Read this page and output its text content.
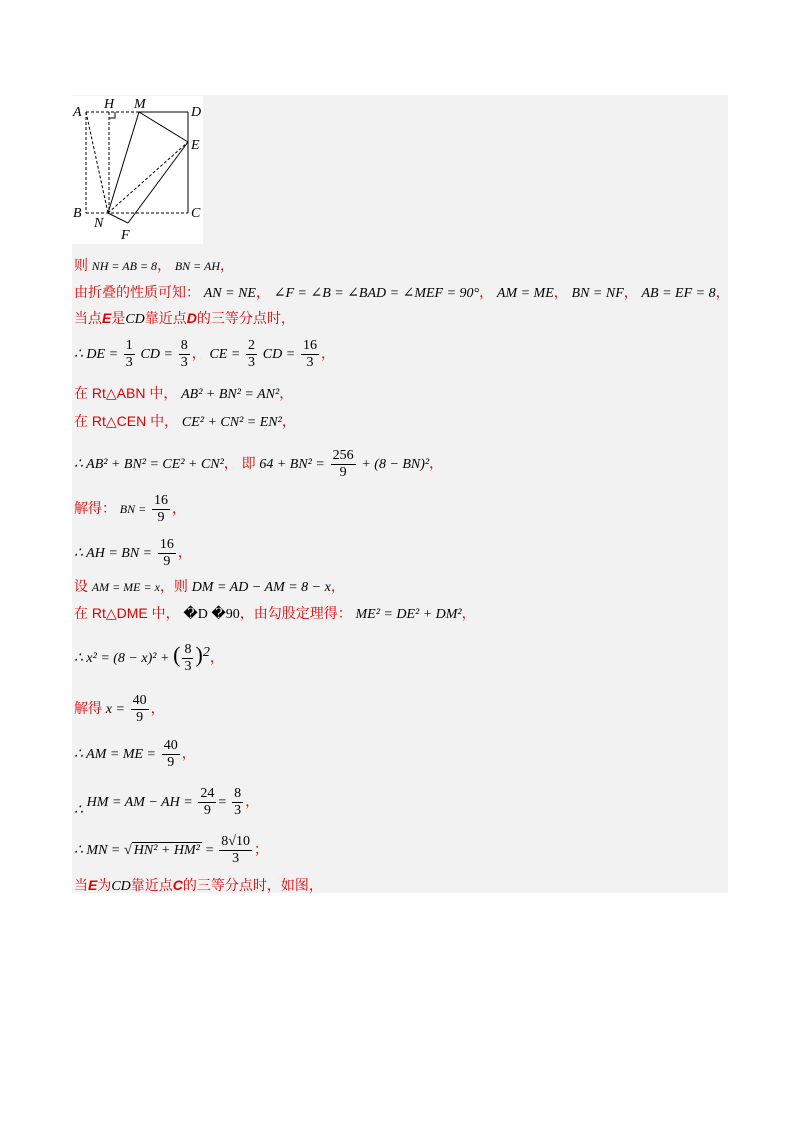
A
H M
D
E
B
N
C
F
则 NH = AB = 8， BN = AH，
由折叠的性质可知： AN = NE， ∠F = ∠B = ∠BAD = ∠MEF = 90°， AM = ME， BN = NF， AB = EF = 8，
当点E是CD靠近点D的三等分点时，
∴ DE = $\frac{1}{3}$ CD = $\frac{8}{3}$ ， CE = $\frac{2}{3}$ CD = $\frac{16}{3}$ ，
在 Rt△ABN 中， AB² + BN² = AN²，
在 Rt△CEN 中， CE² + CN² = EN²，
∴ AB² + BN² = CE² + CN²， 即 $64 + BN^2 = \frac{256}{9} + (8 - BN)^2$，
解得： BN = $\frac{16}{9}$ ，
∴ AH = BN = $\frac{16}{9}$ ，
设 AM = ME = x，则 DM = AD − AM = 8 − x，
在 Rt△DME 中， �D �90，由勾股定理得： ME² = DE² + DM²，
∴ x² = (8 − x)² + ( $\frac{8}{3} )^2$，
解得 $x = \frac{40}{9}$ ，
∴ AM = ME = $\frac{40}{9}$ ，
∴ HM = AM − AH = $\frac{24}{9} = \frac{8}{3}$ ，
∴ MN = √ $HN^2 + HM^2 = \frac{8√10}{3}$ ；
当E为CD靠近点C的三等分点时，如图，
